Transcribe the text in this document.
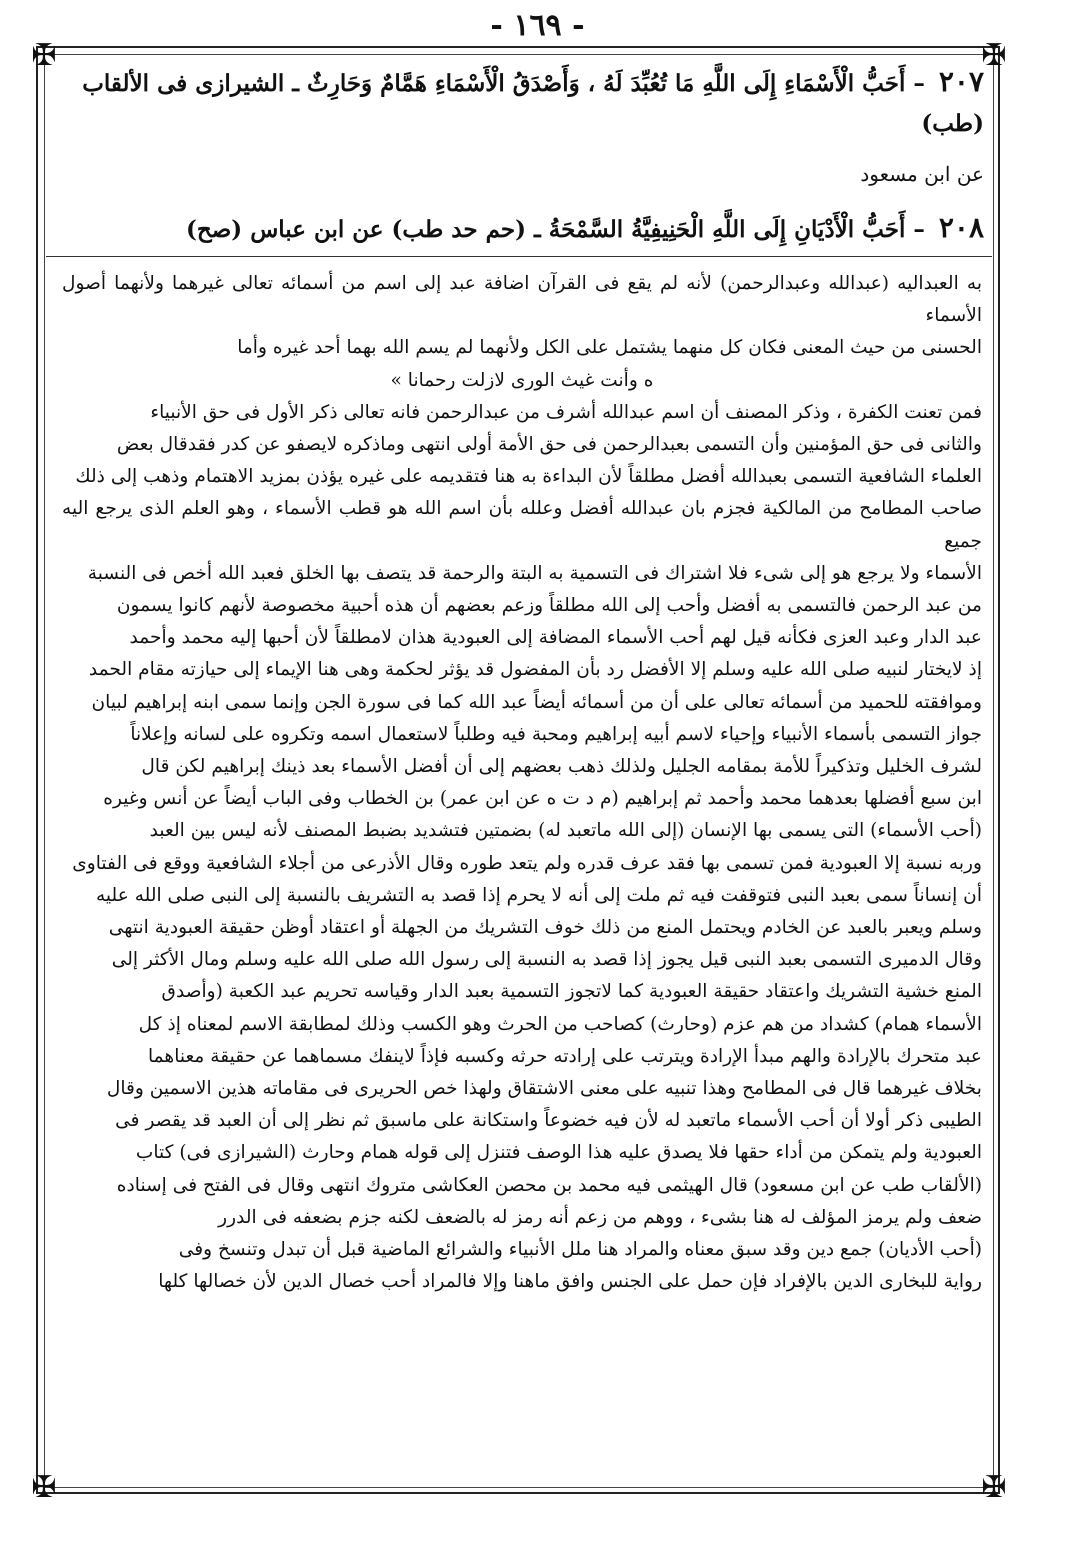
- ١٦٩ -
✠	✠
✠	✠

٢٠٧ – أَحَبُّ الْأَسْمَاءِ إِلَى اللَّهِ مَا تُعُبِّدَ لَهُ ، وَأَصْدَقُ الْأَسْمَاءِ هَمَّامٌ وَحَارِثٌ ـ الشيرازى فى الألقاب (طب)
عن ابن مسعود

٢٠٨ – أَحَبُّ الْأَدْيَانِ إِلَى اللَّهِ الْحَنِيفِيَّةُ السَّمْحَةُ ـ (حم حد طب) عن ابن عباس (صح)

به العبداليه (عبدالله وعبدالرحمن) لأنه لم يقع فى القرآن اضافة عبد إلى اسم من أسمائه تعالى غيرهما ولأنهما أصول الأسماء

الحسنى من حيث المعنى فكان كل منهما يشتمل على الكل ولأنهما لم يسم الله بهما أحد غيره وأما

ه وأنت غيث الورى لازلت رحمانا »

فمن تعنت الكفرة ، وذكر المصنف أن اسم عبدالله أشرف من عبدالرحمن فانه تعالى ذكر الأول فى حق الأنبياء

والثانى فى حق المؤمنين وأن التسمى بعبدالرحمن فى حق الأمة أولى انتهى وماذكره لايصفو عن كدر فقدقال بعض

العلماء الشافعية التسمى بعبدالله أفضل مطلقاً لأن البداءة به هنا فتقديمه على غيره يؤذن بمزيد الاهتمام وذهب إلى ذلك

صاحب المطامح من المالكية فجزم بان عبدالله أفضل وعلله بأن اسم الله هو قطب الأسماء ، وهو العلم الذى يرجع اليه جميع

الأسماء ولا يرجع هو إلى شىء فلا اشتراك فى التسمية به البتة والرحمة قد يتصف بها الخلق فعبد الله أخص فى النسبة

من عبد الرحمن فالتسمى به أفضل وأحب إلى الله مطلقاً وزعم بعضهم أن هذه أحبية مخصوصة لأنهم كانوا يسمون

عبد الدار وعبد العزى فكأنه قيل لهم أحب الأسماء المضافة إلى العبودية هذان لامطلقاً لأن أحبها إليه محمد وأحمد

إذ لايختار لنبيه صلى الله عليه وسلم إلا الأفضل رد بأن المفضول قد يؤثر لحكمة وهى هنا الإيماء إلى حيازته مقام الحمد

وموافقته للحميد من أسمائه تعالى على أن من أسمائه أيضاً عبد الله كما فى سورة الجن وإنما سمى ابنه إبراهيم لبيان

جواز التسمى بأسماء الأنبياء وإحياء لاسم أبيه إبراهيم ومحبة فيه وطلباً لاستعمال اسمه وتكروه على لسانه وإعلاناً

لشرف الخليل وتذكيراً للأمة بمقامه الجليل ولذلك ذهب بعضهم إلى أن أفضل الأسماء بعد ذينك إبراهيم لكن قال

ابن سبع أفضلها بعدهما محمد وأحمد ثم إبراهيم (م د ت ه عن ابن عمر) بن الخطاب وفى الباب أيضاً عن أنس وغيره

(أحب الأسماء) التى يسمى بها الإنسان (إلى الله ماتعبد له) بضمتين فتشديد بضبط المصنف لأنه ليس بين العبد

وربه نسبة إلا العبودية فمن تسمى بها فقد عرف قدره ولم يتعد طوره وقال الأذرعى من أجلاء الشافعية ووقع فى الفتاوى

أن إنساناً سمى بعبد النبى فتوقفت فيه ثم ملت إلى أنه لا يحرم إذا قصد به التشريف بالنسبة إلى النبى صلى الله عليه

وسلم ويعبر بالعبد عن الخادم ويحتمل المنع من ذلك خوف التشريك من الجهلة أو اعتقاد أوظن حقيقة العبودية انتهى

وقال الدميرى التسمى بعبد النبى قيل يجوز إذا قصد به النسبة إلى رسول الله صلى الله عليه وسلم ومال الأكثر إلى

المنع خشية التشريك واعتقاد حقيقة العبودية كما لاتجوز التسمية بعبد الدار وقياسه تحريم عبد الكعبة (وأصدق

الأسماء همام) كشداد من هم عزم (وحارث) كصاحب من الحرث وهو الكسب وذلك لمطابقة الاسم لمعناه إذ كل

عبد متحرك بالإرادة والهم مبدأ الإرادة ويترتب على إرادته حرثه وكسبه فإذاً لاينفك مسماهما عن حقيقة معناهما

بخلاف غيرهما قال فى المطامح وهذا تنبيه على معنى الاشتقاق ولهذا خص الحريرى فى مقاماته هذين الاسمين وقال

الطيبى ذكر أولا أن أحب الأسماء ماتعبد له لأن فيه خضوعاً واستكانة على ماسبق ثم نظر إلى أن العبد قد يقصر فى

العبودية ولم يتمكن من أداء حقها فلا يصدق عليه هذا الوصف فتنزل إلى قوله همام وحارث (الشيرازى فى) كتاب

(الألقاب طب عن ابن مسعود) قال الهيثمى فيه محمد بن محصن العكاشى متروك انتهى وقال فى الفتح فى إسناده

ضعف ولم يرمز المؤلف له هنا بشىء ، ووهم من زعم أنه رمز له بالضعف لكنه جزم بضعفه فى الدرر

(أحب الأديان) جمع دين وقد سبق معناه والمراد هنا ملل الأنبياء والشرائع الماضية قبل أن تبدل وتنسخ وفى

رواية للبخارى الدين بالإفراد فإن حمل على الجنس وافق ماهنا وإلا فالمراد أحب خصال الدين لأن خصالها كلها
